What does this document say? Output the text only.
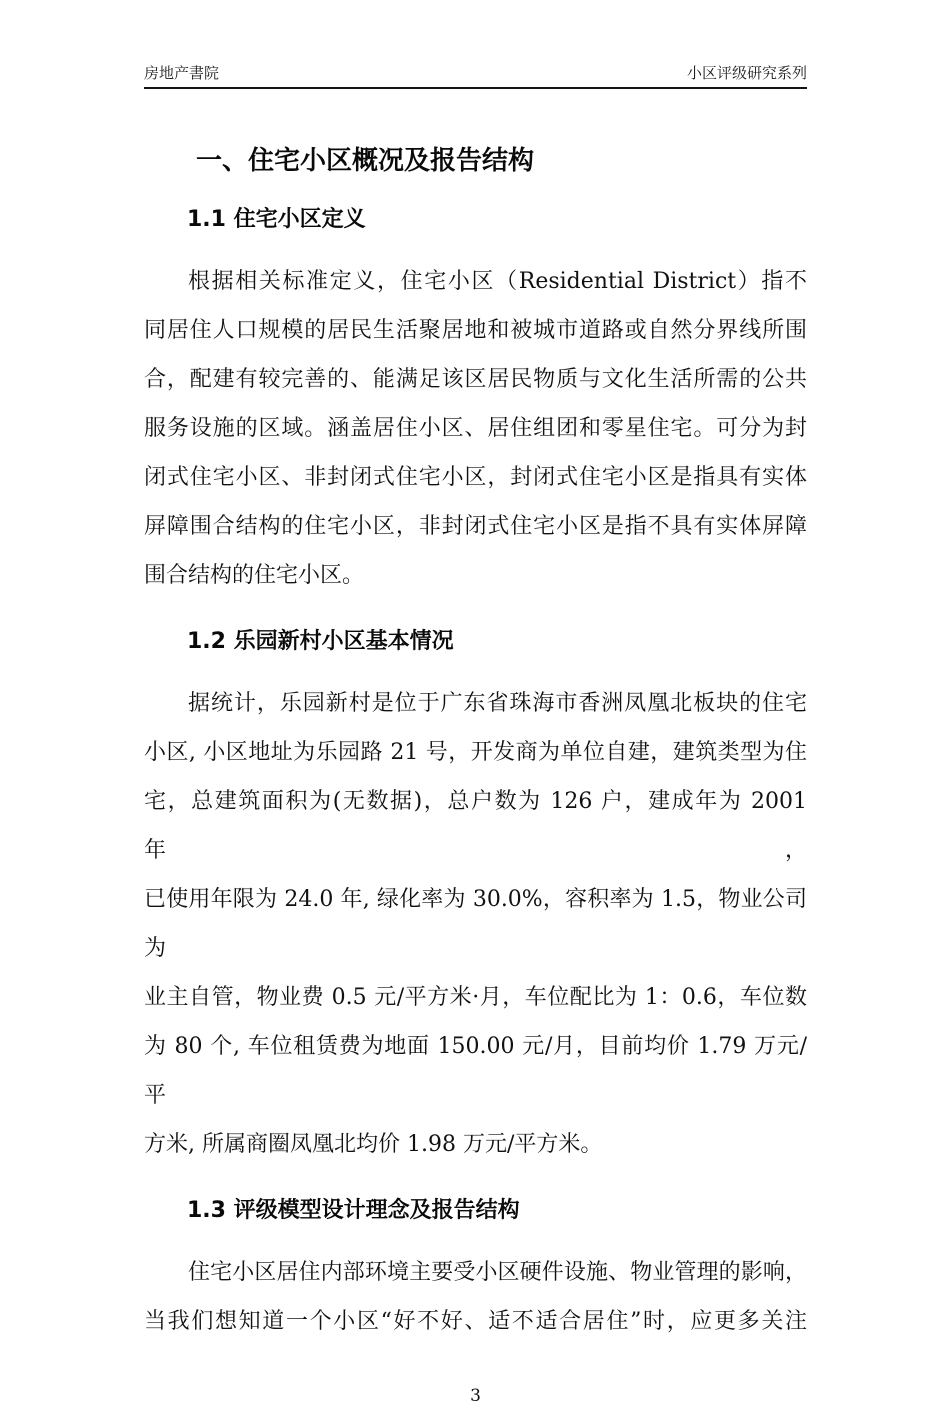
房地产書院	小区评级研究系列
一、住宅小区概况及报告结构
1.1 住宅小区定义
根据相关标准定义，住宅小区（Residential District）指不
同居住人口规模的居民生活聚居地和被城市道路或自然分界线所围
合，配建有较完善的、能满足该区居民物质与文化生活所需的公共
服务设施的区域。涵盖居住小区、居住组团和零星住宅。可分为封
闭式住宅小区、非封闭式住宅小区，封闭式住宅小区是指具有实体
屏障围合结构的住宅小区，非封闭式住宅小区是指不具有实体屏障
围合结构的住宅小区。
1.2 乐园新村小区基本情况
据统计，乐园新村是位于广东省珠海市香洲凤凰北板块的住宅
小区, 小区地址为乐园路 21 号，开发商为单位自建，建筑类型为住
宅，总建筑面积为(无数据)，总户数为 126 户，建成年为 2001 年，
已使用年限为 24.0 年, 绿化率为 30.0%，容积率为 1.5，物业公司为
业主自管，物业费 0.5 元/平方米·月，车位配比为 1：0.6，车位数
为 80 个, 车位租赁费为地面 150.00 元/月，目前均价 1.79 万元/平
方米, 所属商圈凤凰北均价 1.98 万元/平方米。
1.3 评级模型设计理念及报告结构
住宅小区居住内部环境主要受小区硬件设施、物业管理的影响，
当我们想知道一个小区“好不好、适不适合居住”时，应更多关注
3
